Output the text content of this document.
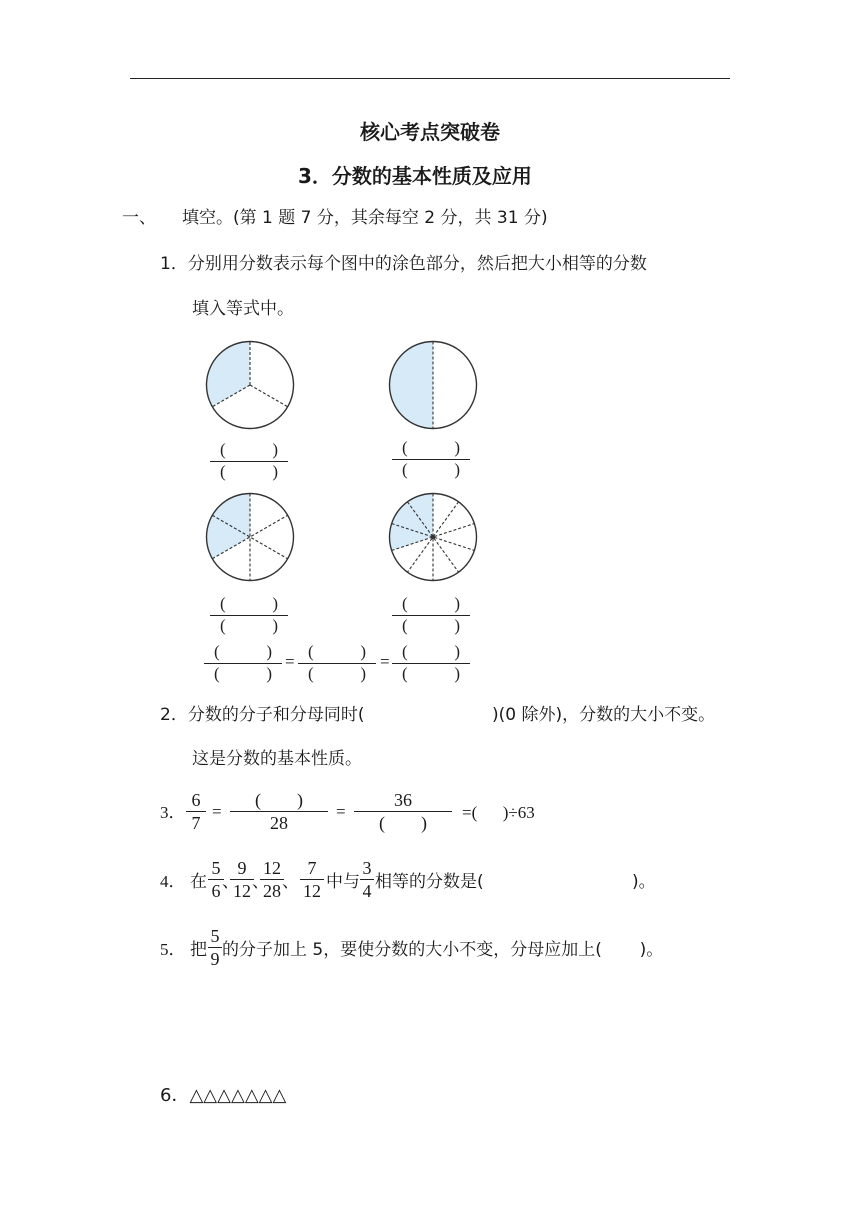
核心考点突破卷
3．分数的基本性质及应用
一、 填空。(第 1 题 7 分，其余每空 2 分，共 31 分)
1．分别用分数表示每个图中的涂色部分，然后把大小相等的分数
填入等式中。
(	)
(	)
(	)
(	)
(	)
(	)
(	)
(	)
(	)
(	)
=
(	)
(	)
=
(	)
(	)
2．分数的分子和分母同时(	)(0 除外)，分数的大小不变。
这是分数的基本性质。
3．
6
7
=
(        )
28
=
36
(        )
=(      )÷63
4． 在
5
6 、
9
12 、
12
28 、
7
12 中与
3
4 相等的分数是(	)。
5． 把
5
9 的分子加上 5，要使分数的大小不变，分母应加上(       )。
6．△△△△△△△
